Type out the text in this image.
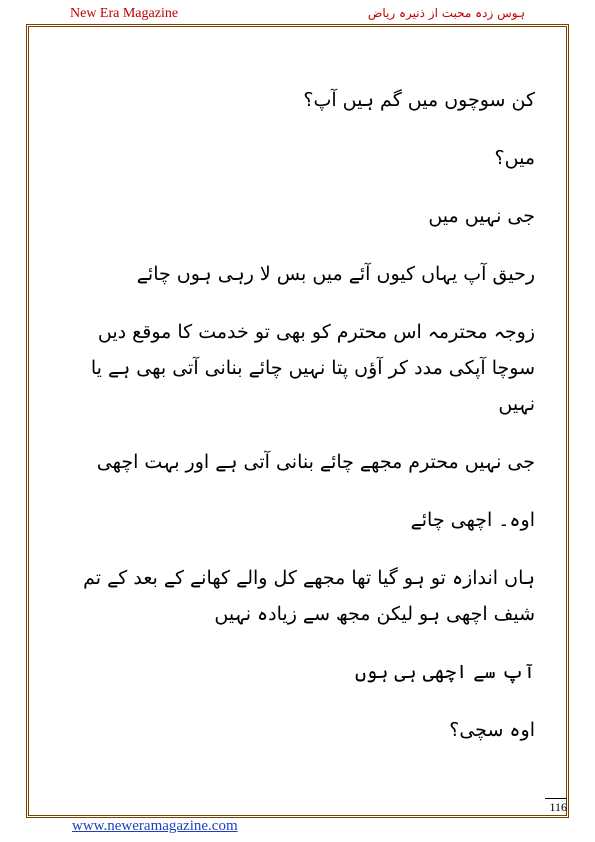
New Era Magazine	ہوس زدہ محبت از ذنیرہ ریاض

کن سوچوں میں گم ہیں آپ؟

میں؟

جی نہیں میں

رحیق آپ یہاں کیوں آئے میں بس لا رہی ہوں چائے

زوجہ محترمہ اس محترم کو بھی تو خدمت کا موقع دیں سوچا آپکی مدد کر آؤں پتا نہیں چائے بنانی آتی بھی ہے یا نہیں

جی نہیں محترم مجھے چائے بنانی آتی ہے اور بہت اچھی

اوہ۔ اچھی چائے

ہاں اندازہ تو ہو گیا تھا مجھے کل والے کھانے کے بعد کے تم شیف اچھی ہو لیکن مجھ سے زیادہ نہیں

آپ سے اچھی ہی ہوں

اوہ سچی؟

116
www.neweramagazine.com
